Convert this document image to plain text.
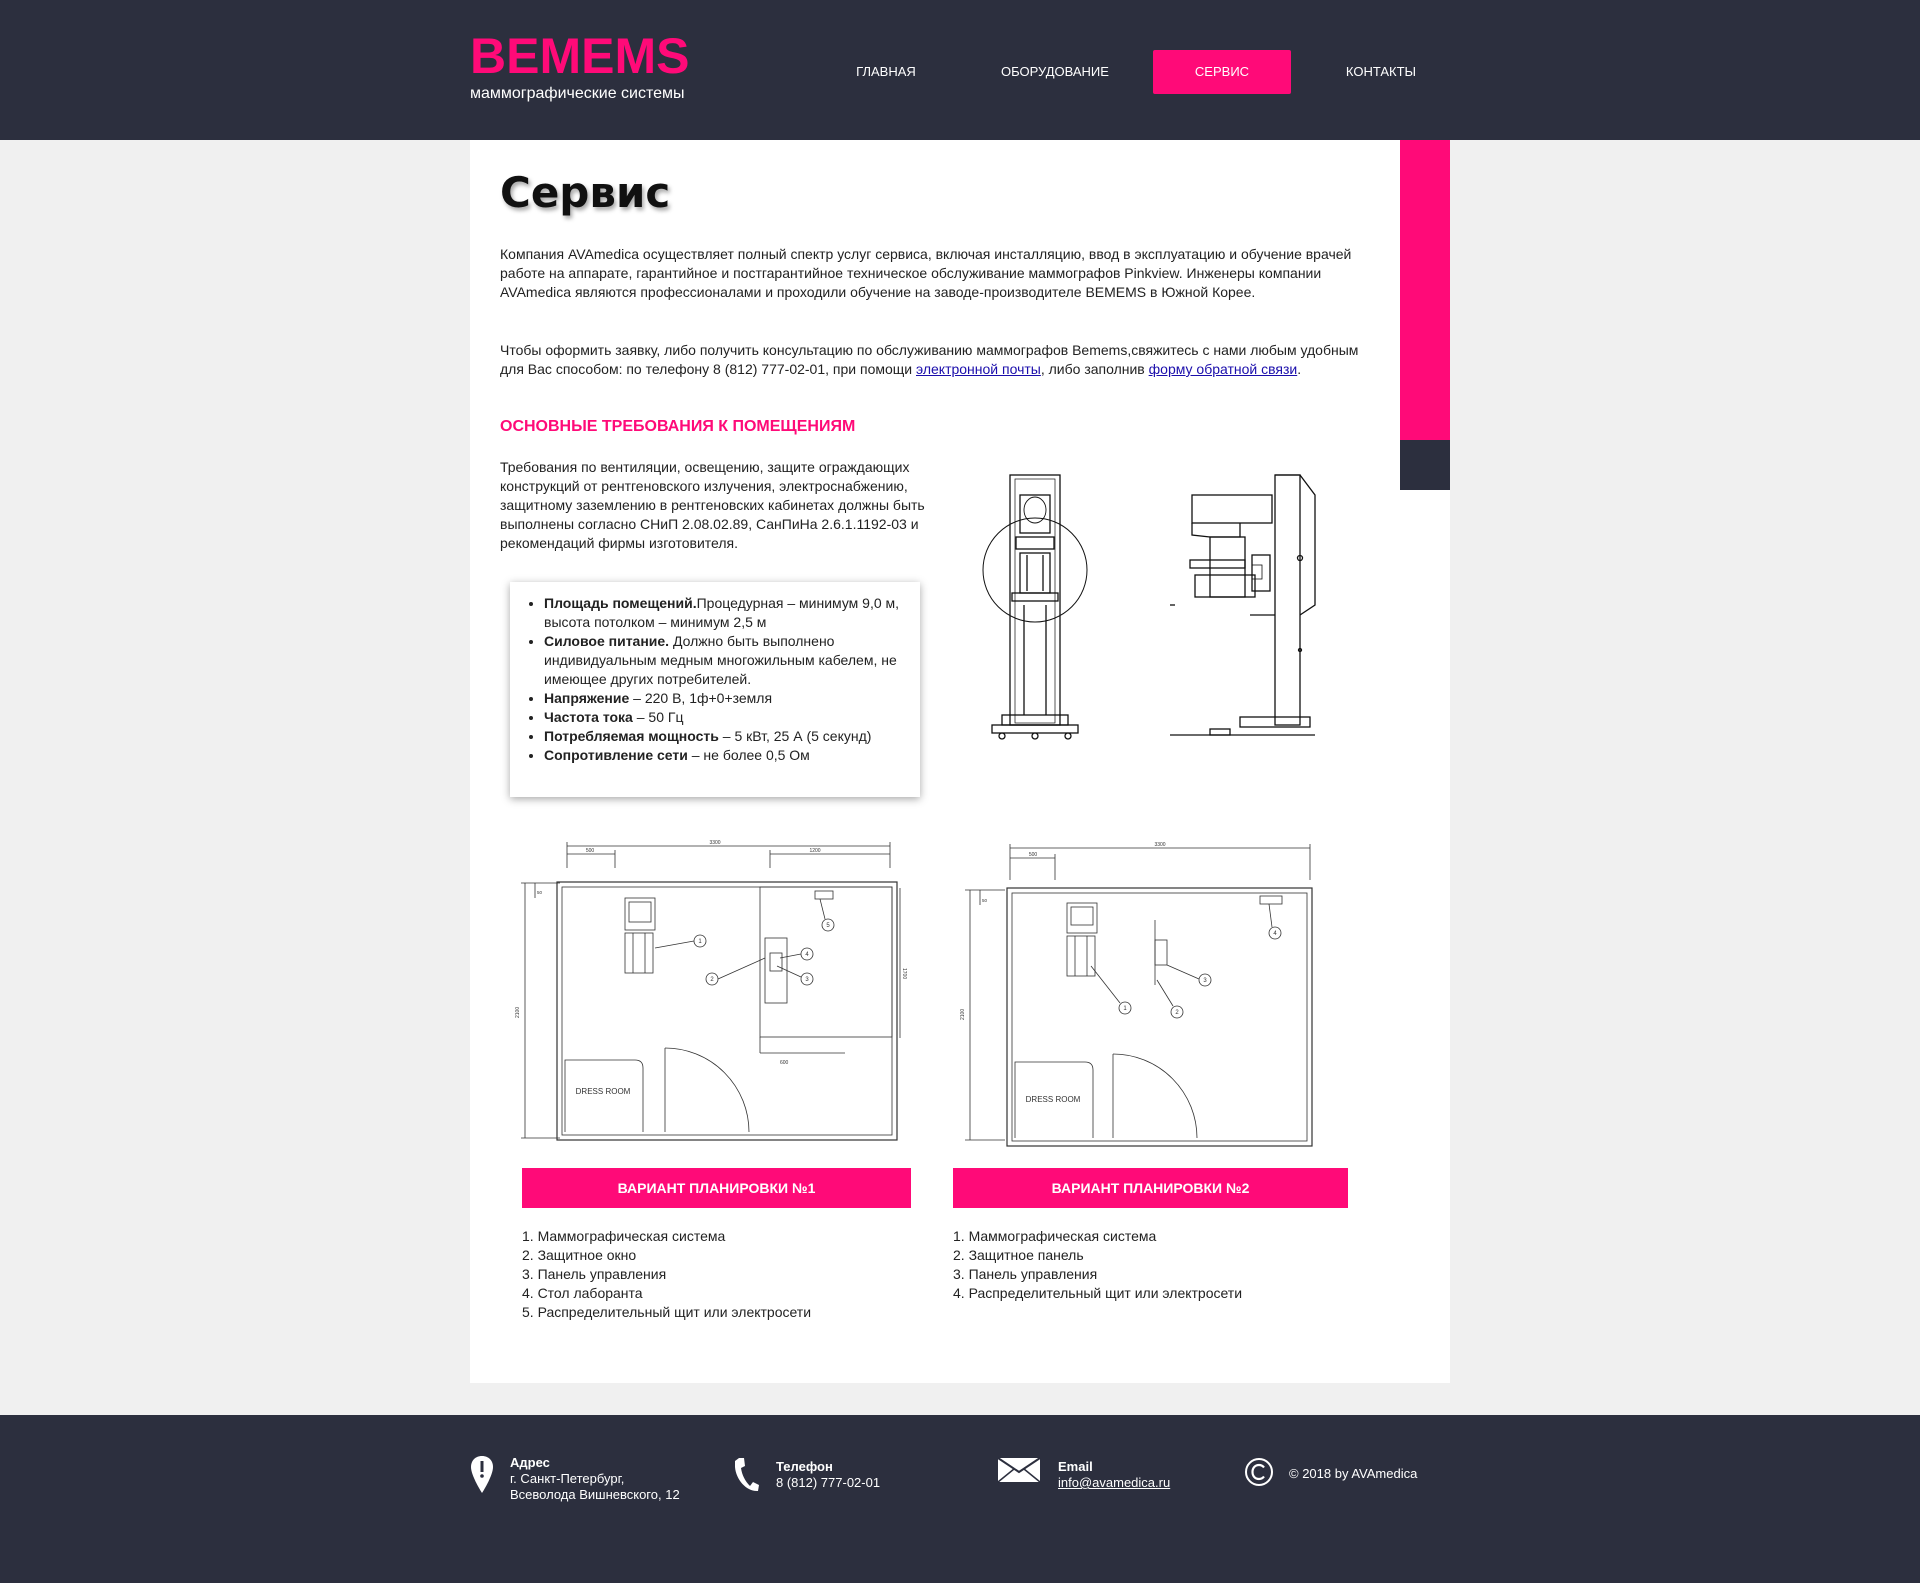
BEMEMS
маммографические системы
ГЛАВНАЯ	ОБОРУДОВАНИЕ	СЕРВИС	КОНТАКТЫ
Сервис

Компания AVAmedica осуществляет полный спектр услуг сервиса, включая инсталляцию, ввод в эксплуатацию и обучение врачей работе на аппарате, гарантийное и постгарантийное техническое обслуживание маммографов Pinkview. Инженеры компании AVAmedica являются профессионалами и проходили обучение на заводе-производителе BEMEMS в Южной Корее.

Чтобы оформить заявку, либо получить консультацию по обслуживанию маммографов Bemems,свяжитесь с нами любым удобным для Вас способом: по телефону 8 (812) 777-02-01, при помощи электронной почты, либо заполнив форму обратной связи.

ОСНОВНЫЕ ТРЕБОВАНИЯ К ПОМЕЩЕНИЯМ

Требования по вентиляции, освещению, защите ограждающих конструкций от рентгеновского излучения, электроснабжению, защитному заземлению в рентгеновских кабинетах должны быть выполнены согласно СНиП 2.08.02.89, СанПиНа 2.6.1.1192-03 и рекомендаций фирмы изготовителя.

• Площадь помещений.Процедурная – минимум 9,0 м, высота потолком – минимум 2,5 м
• Силовое питание. Должно быть выполнено индивидуальным медным многожильным кабелем, не имеющее других потребителей.
• Напряжение – 220 В, 1ф+0+земля
• Частота тока – 50 Гц
• Потребляемая мощность – 5 кВт, 25 А (5 секунд)
• Сопротивление сети – не более 0,5 Ом
500
3300
1200
50
2100
1700
600
1
2	3
4
5
DRESS ROOM
500
3300
50
2100	1
2
3
4
DRESS ROOM
ВАРИАНТ ПЛАНИРОВКИ №1	ВАРИАНТ ПЛАНИРОВКИ №2
1. Маммографическая система
2. Защитное окно
3. Панель управления
4. Стол лаборанта
5. Распределительный щит или электросети
1. Маммографическая система
2. Защитное панель
3. Панель управления
4. Распределительный щит или электросети
Адрес
г. Санкт-Петербург,
Всеволода Вишневского, 12
Телефон
8 (812) 777-02-01
Email
info@avamedica.ru
© 2018 by AVAmedica
